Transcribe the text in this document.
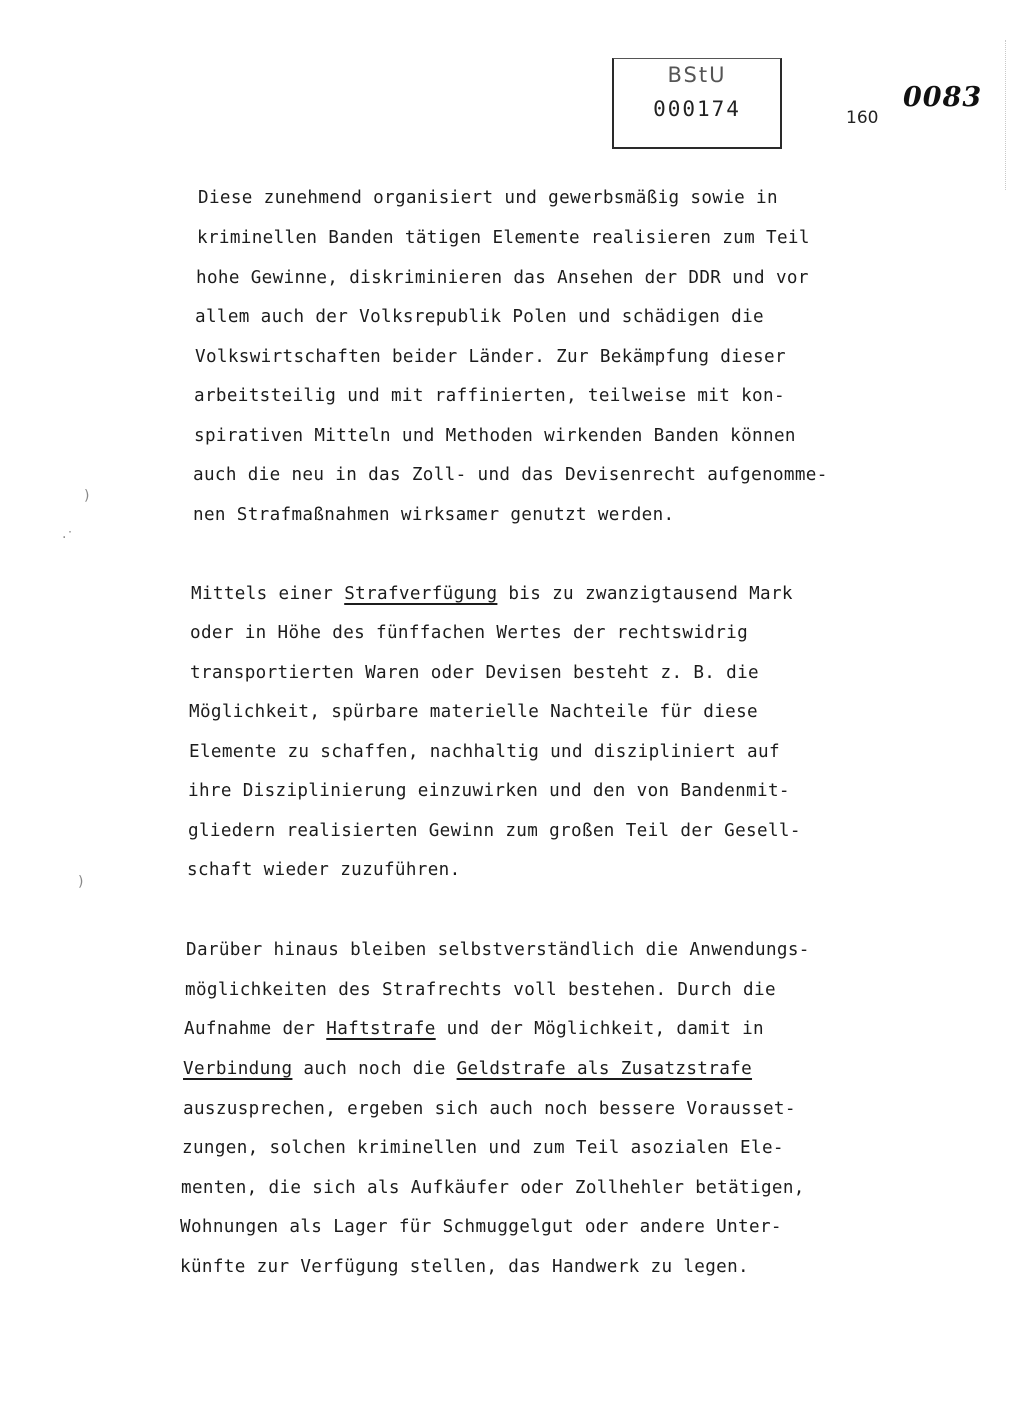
BStU
000174	160
0083
)
·˙
)
Diese zunehmend organisiert und gewerbsmäßig sowie in
kriminellen Banden tätigen Elemente realisieren zum Teil
hohe Gewinne, diskriminieren das Ansehen der DDR und vor
allem auch der Volksrepublik Polen und schädigen die
Volkswirtschaften beider Länder. Zur Bekämpfung dieser
arbeitsteilig und mit raffinierten, teilweise mit kon-
spirativen Mitteln und Methoden wirkenden Banden können
auch die neu in das Zoll- und das Devisenrecht aufgenomme-
nen Strafmaßnahmen wirksamer genutzt werden.
Mittels einer Strafverfügung bis zu zwanzigtausend Mark
oder in Höhe des fünffachen Wertes der rechtswidrig
transportierten Waren oder Devisen besteht z. B. die
Möglichkeit, spürbare materielle Nachteile für diese
Elemente zu schaffen, nachhaltig und diszipliniert auf
ihre Disziplinierung einzuwirken und den von Bandenmit-
gliedern realisierten Gewinn zum großen Teil der Gesell-
schaft wieder zuzuführen.
Darüber hinaus bleiben selbstverständlich die Anwendungs-
möglichkeiten des Strafrechts voll bestehen. Durch die
Aufnahme der Haftstrafe und der Möglichkeit, damit in
Verbindung auch noch die Geldstrafe als Zusatzstrafe
auszusprechen, ergeben sich auch noch bessere Vorausset-
zungen, solchen kriminellen und zum Teil asozialen Ele-
menten, die sich als Aufkäufer oder Zollhehler betätigen,
Wohnungen als Lager für Schmuggelgut oder andere Unter-
künfte zur Verfügung stellen, das Handwerk zu legen.
